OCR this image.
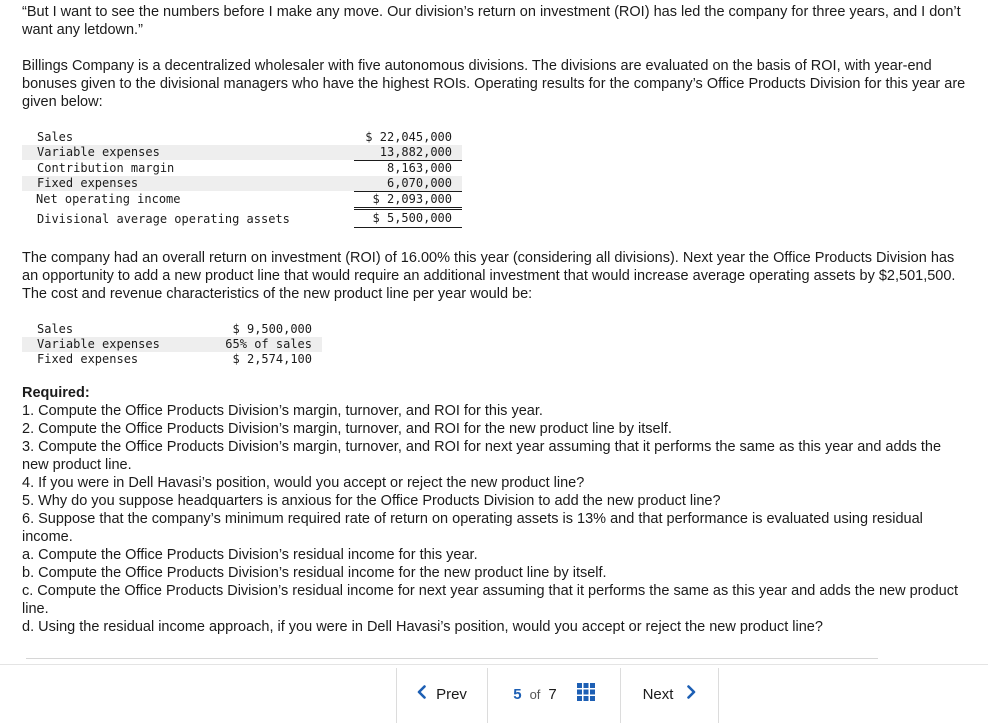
“But I want to see the numbers before I make any move. Our division’s return on investment (ROI) has led the company for three years, and I don’t want any letdown.”

Billings Company is a decentralized wholesaler with five autonomous divisions. The divisions are evaluated on the basis of ROI, with year-end bonuses given to the divisional managers who have the highest ROIs. Operating results for the company’s Office Products Division for this year are given below:

Sales
Variable expenses
Contribution margin
Fixed expenses
Net operating income
Divisional average operating assets
$ 22,045,000
13,882,000
8,163,000
6,070,000
$ 2,093,000
$ 5,500,000

The company had an overall return on investment (ROI) of 16.00% this year (considering all divisions). Next year the Office Products Division has an opportunity to add a new product line that would require an additional investment that would increase average operating assets by $2,501,500. The cost and revenue characteristics of the new product line per year would be:

Sales
Variable expenses
Fixed expenses
$ 9,500,000
65% of sales
$ 2,574,100

Required:

1. Compute the Office Products Division’s margin, turnover, and ROI for this year.

2. Compute the Office Products Division’s margin, turnover, and ROI for the new product line by itself.

3. Compute the Office Products Division’s margin, turnover, and ROI for next year assuming that it performs the same as this year and adds the new product line.

4. If you were in Dell Havasi’s position, would you accept or reject the new product line?

5. Why do you suppose headquarters is anxious for the Office Products Division to add the new product line?

6. Suppose that the company’s minimum required rate of return on operating assets is 13% and that performance is evaluated using residual income.

a. Compute the Office Products Division’s residual income for this year.

b. Compute the Office Products Division’s residual income for the new product line by itself.

c. Compute the Office Products Division’s residual income for next year assuming that it performs the same as this year and adds the new product line.

d. Using the residual income approach, if you were in Dell Havasi’s position, would you accept or reject the new product line?

Prev	5 of 7	Next
